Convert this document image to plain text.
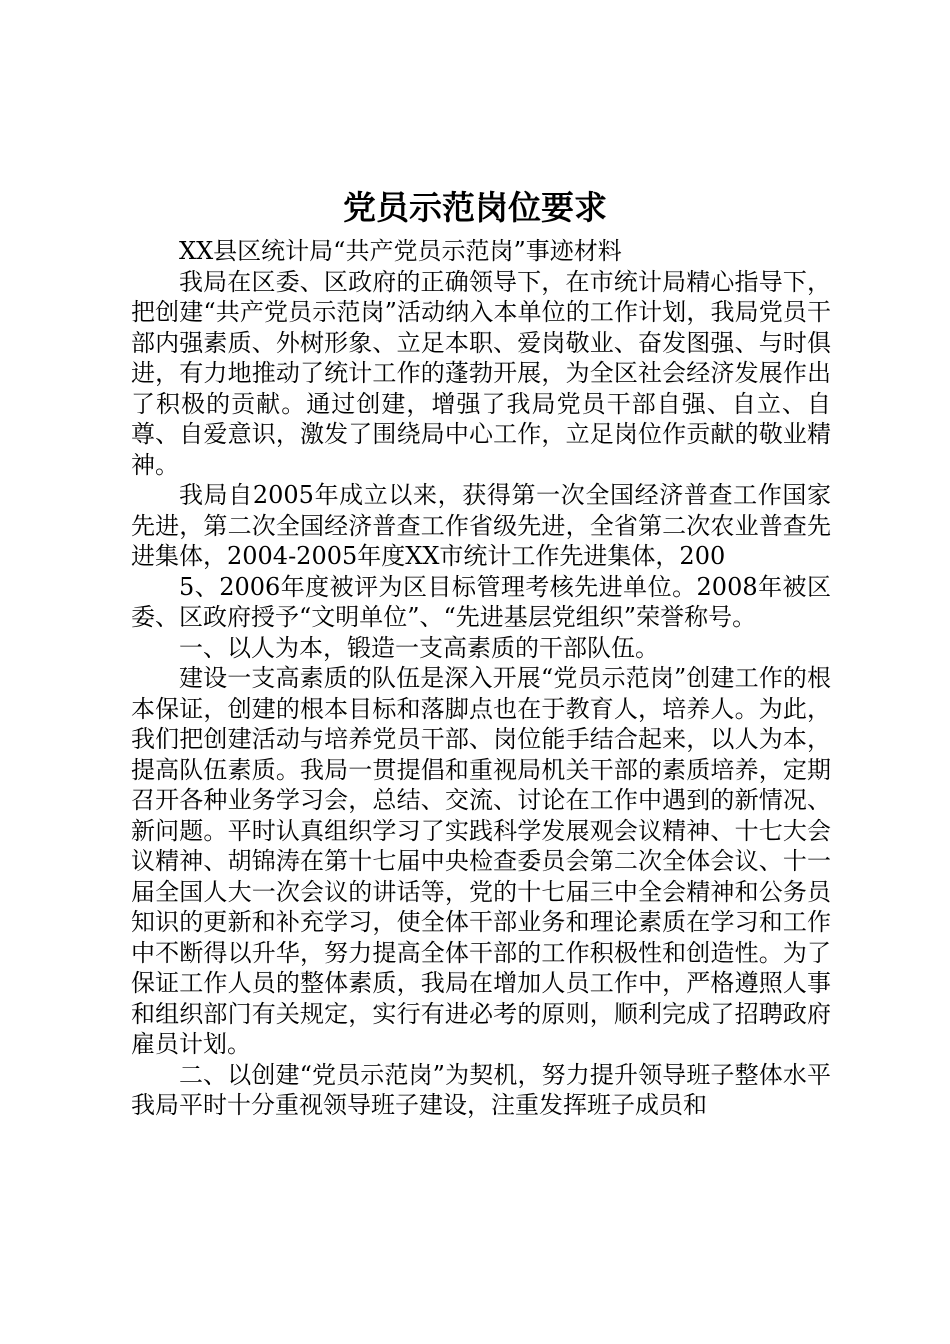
党员示范岗位要求

XX县区统计局“共产党员示范岗”事迹材料

我局在区委、区政府的正确领导下，在市统计局精心指导下，把创建“共产党员示范岗”活动纳入本单位的工作计划，我局党员干部内强素质、外树形象、立足本职、爱岗敬业、奋发图强、与时俱进，有力地推动了统计工作的蓬勃开展，为全区社会经济发展作出了积极的贡献。通过创建，增强了我局党员干部自强、自立、自尊、自爱意识，激发了围绕局中心工作，立足岗位作贡献的敬业精神。

我局自2005年成立以来，获得第一次全国经济普查工作国家先进，第二次全国经济普查工作省级先进，全省第二次农业普查先进集体，2004-2005年度XX市统计工作先进集体，200

5、2006年度被评为区目标管理考核先进单位。2008年被区委、区政府授予“文明单位”、“先进基层党组织”荣誉称号。

一、以人为本，锻造一支高素质的干部队伍。

建设一支高素质的队伍是深入开展“党员示范岗”创建工作的根本保证，创建的根本目标和落脚点也在于教育人，培养人。为此，我们把创建活动与培养党员干部、岗位能手结合起来，以人为本，提高队伍素质。我局一贯提倡和重视局机关干部的素质培养，定期召开各种业务学习会，总结、交流、讨论在工作中遇到的新情况、新问题。平时认真组织学习了实践科学发展观会议精神、十七大会议精神、胡锦涛在第十七届中央检查委员会第二次全体会议、十一届全国人大一次会议的讲话等，党的十七届三中全会精神和公务员知识的更新和补充学习，使全体干部业务和理论素质在学习和工作中不断得以升华，努力提高全体干部的工作积极性和创造性。为了保证工作人员的整体素质，我局在增加人员工作中，严格遵照人事和组织部门有关规定，实行有进必考的原则，顺利完成了招聘政府雇员计划。

二、以创建“党员示范岗”为契机，努力提升领导班子整体水平我局平时十分重视领导班子建设，注重发挥班子成员和
